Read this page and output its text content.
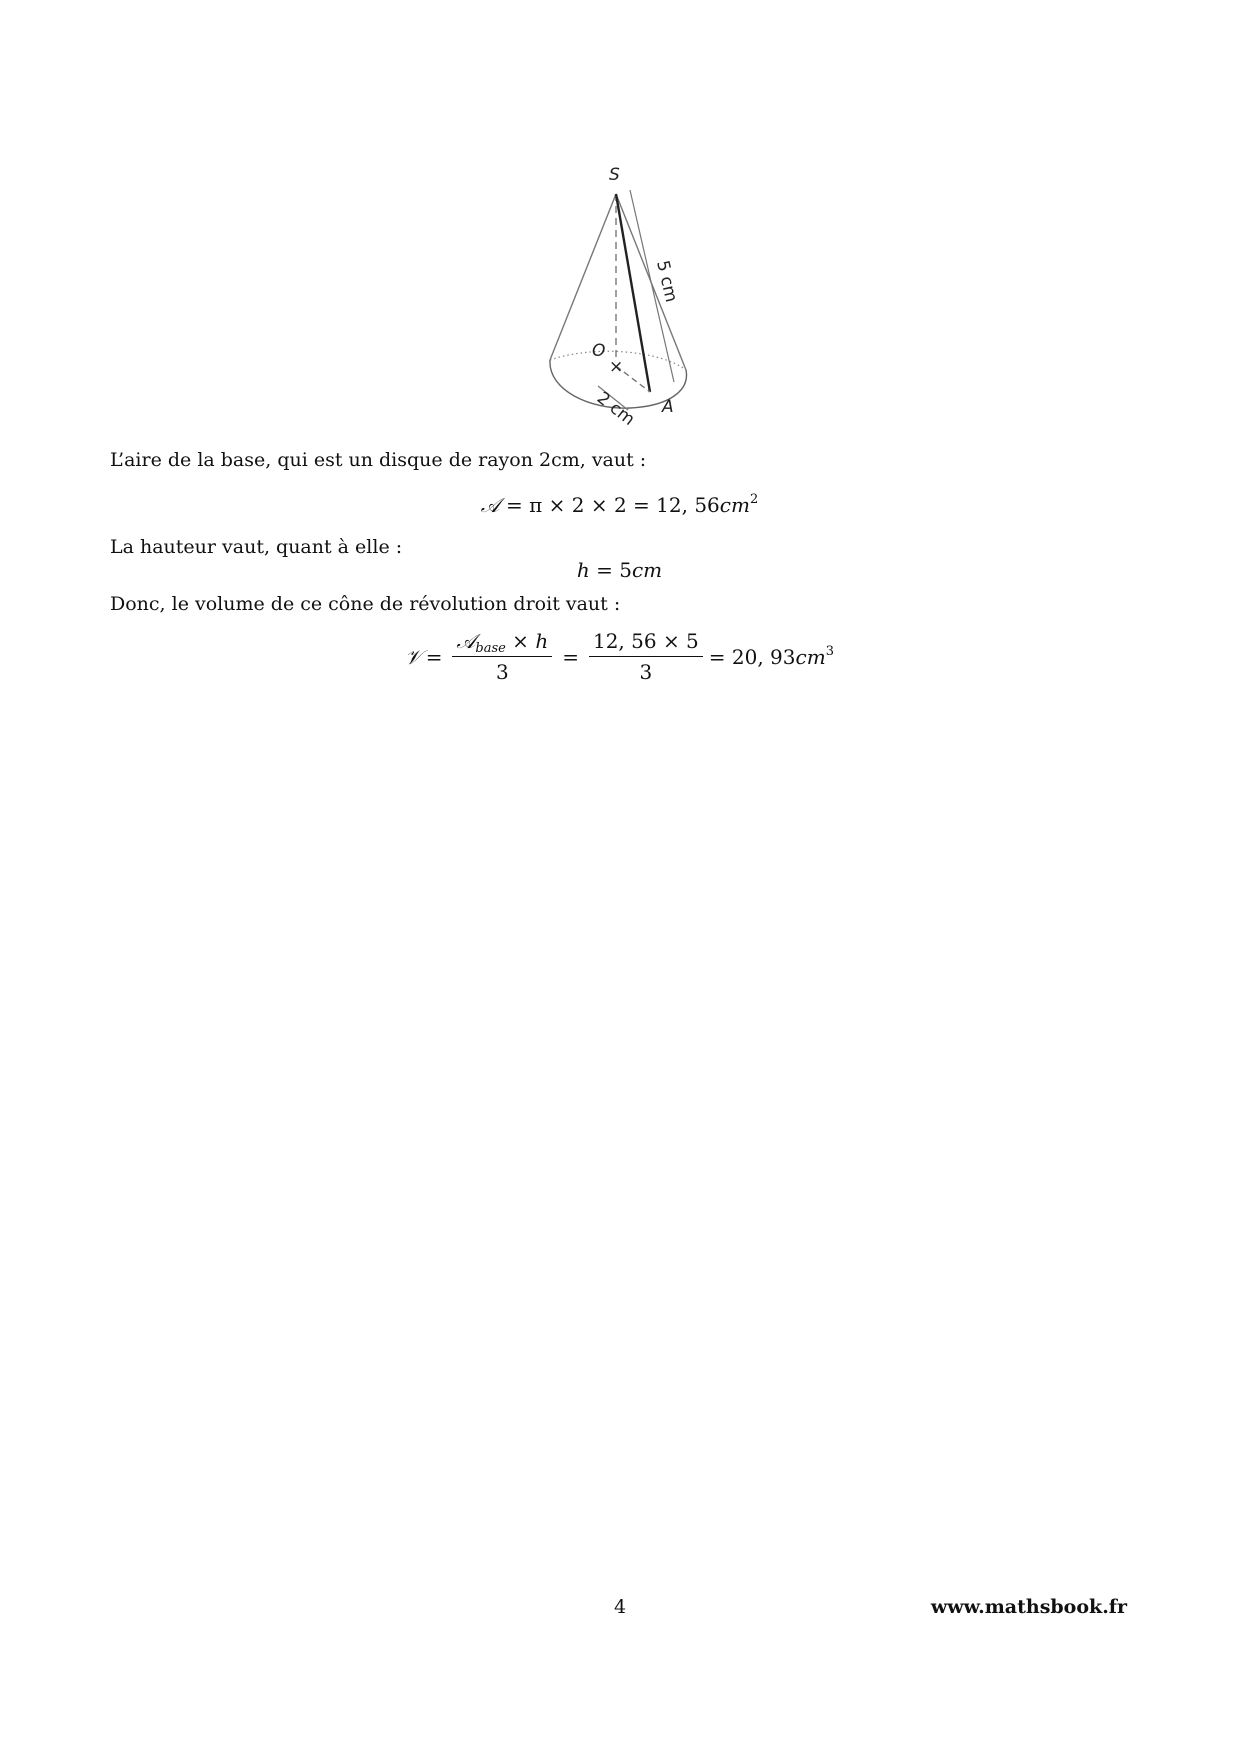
×
S
O
A
5 cm
2 cm
L’aire de la base, qui est un disque de rayon 2cm, vaut :
𝒜 = π × 2 × 2 = 12, $56cm^2$
La hauteur vaut, quant à elle :
h = 5cm
Donc, le volume de ce cône de révolution droit vaut :
𝒱 = $\frac{𝒜_{base} \times h}{3} = \frac{12, 56 \times 5}{3} = 20$, $93cm^3$
4	www.mathsbook.fr
